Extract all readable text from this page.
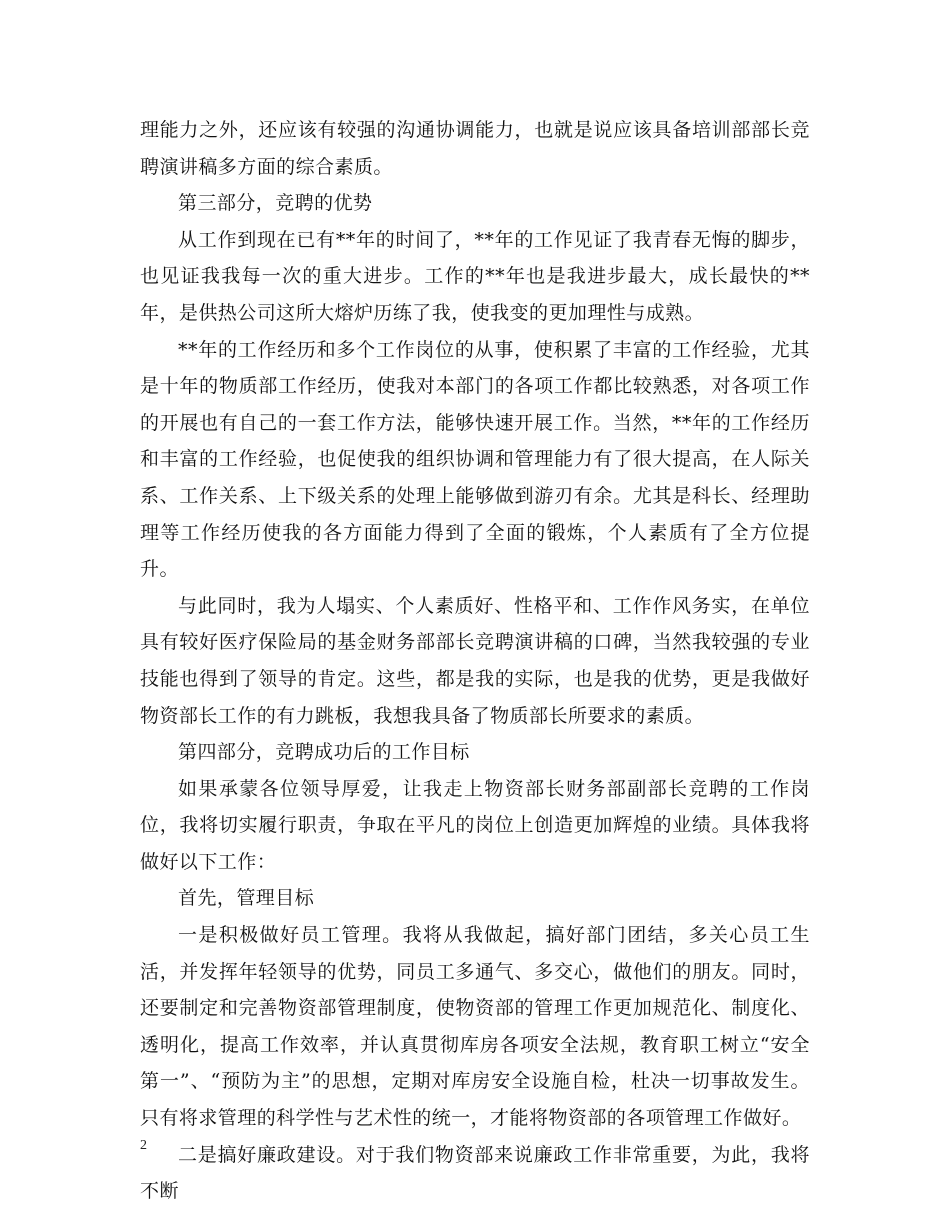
理能力之外，还应该有较强的沟通协调能力，也就是说应该具备培训部部长竞聘演讲稿多方面的综合素质。

第三部分，竞聘的优势

从工作到现在已有**年的时间了，**年的工作见证了我青春无悔的脚步，也见证我我每一次的重大进步。工作的**年也是我进步最大，成长最快的**年，是供热公司这所大熔炉历练了我，使我变的更加理性与成熟。

**年的工作经历和多个工作岗位的从事，使积累了丰富的工作经验，尤其是十年的物质部工作经历，使我对本部门的各项工作都比较熟悉，对各项工作的开展也有自己的一套工作方法，能够快速开展工作。当然，**年的工作经历和丰富的工作经验，也促使我的组织协调和管理能力有了很大提高，在人际关系、工作关系、上下级关系的处理上能够做到游刃有余。尤其是科长、经理助理等工作经历使我的各方面能力得到了全面的锻炼，个人素质有了全方位提升。

与此同时，我为人塌实、个人素质好、性格平和、工作作风务实，在单位具有较好医疗保险局的基金财务部部长竞聘演讲稿的口碑，当然我较强的专业技能也得到了领导的肯定。这些，都是我的实际，也是我的优势，更是我做好物资部长工作的有力跳板，我想我具备了物质部长所要求的素质。

第四部分，竞聘成功后的工作目标

如果承蒙各位领导厚爱，让我走上物资部长财务部副部长竞聘的工作岗位，我将切实履行职责，争取在平凡的岗位上创造更加辉煌的业绩。具体我将做好以下工作：

首先，管理目标

一是积极做好员工管理。我将从我做起，搞好部门团结，多关心员工生活，并发挥年轻领导的优势，同员工多通气、多交心，做他们的朋友。同时，还要制定和完善物资部管理制度，使物资部的管理工作更加规范化、制度化、透明化，提高工作效率，并认真贯彻库房各项安全法规，教育职工树立“安全第一”、“预防为主”的思想，定期对库房安全设施自检，杜决一切事故发生。只有将求管理的科学性与艺术性的统一，才能将物资部的各项管理工作做好。

二是搞好廉政建设。对于我们物资部来说廉政工作非常重要，为此，我将不断

2
